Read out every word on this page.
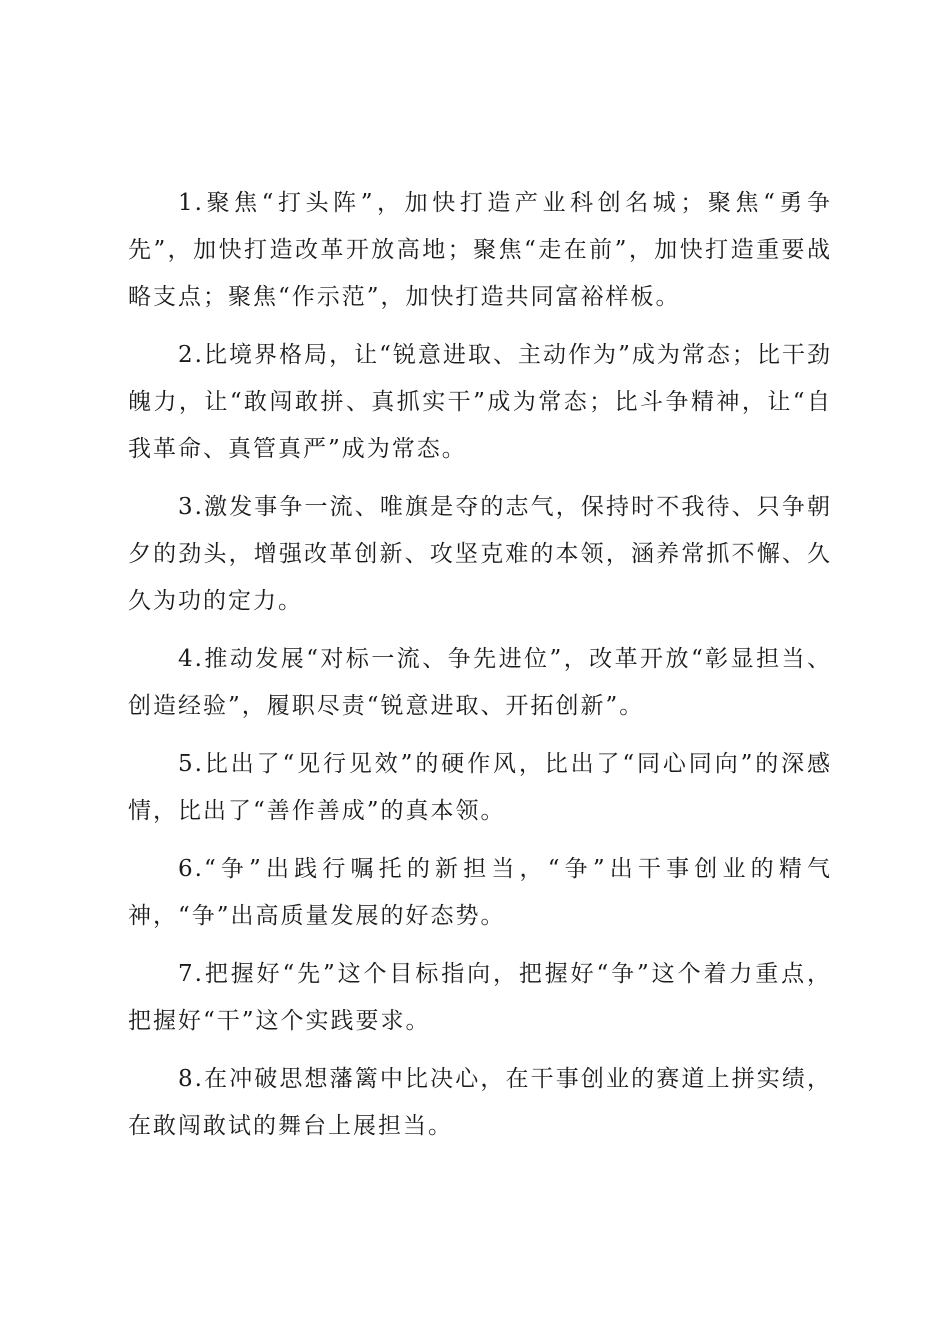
1.聚焦“打头阵”，加快打造产业科创名城；聚焦“勇争先”，加快打造改革开放高地；聚焦“走在前”，加快打造重要战略支点；聚焦“作示范”，加快打造共同富裕样板。

2.比境界格局，让“锐意进取、主动作为”成为常态；比干劲魄力，让“敢闯敢拼、真抓实干”成为常态；比斗争精神，让“自我革命、真管真严”成为常态。

3.激发事争一流、唯旗是夺的志气，保持时不我待、只争朝夕的劲头，增强改革创新、攻坚克难的本领，涵养常抓不懈、久久为功的定力。

4.推动发展“对标一流、争先进位”，改革开放“彰显担当、创造经验”，履职尽责“锐意进取、开拓创新”。

5.比出了“见行见效”的硬作风，比出了“同心同向”的深感情，比出了“善作善成”的真本领。

6.“争”出践行嘱托的新担当，“争”出干事创业的精气神，“争”出高质量发展的好态势。

7.把握好“先”这个目标指向，把握好“争”这个着力重点，把握好“干”这个实践要求。

8.在冲破思想藩篱中比决心，在干事创业的赛道上拼实绩，在敢闯敢试的舞台上展担当。
